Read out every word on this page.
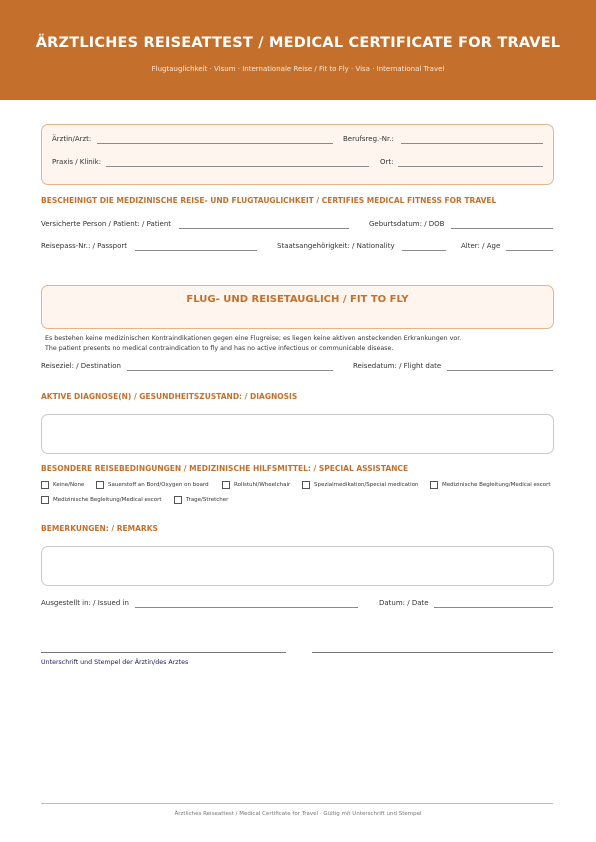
ÄRZTLICHES REISEATTEST / MEDICAL CERTIFICATE FOR TRAVEL
Flugtauglichkeit · Visum · Internationale Reise / Fit to Fly · Visa · International Travel
Ärztin/Arzt:	Berufsreg.-Nr.:
Praxis / Klinik:	Ort:
BESCHEINIGT DIE MEDIZINISCHE REISE- UND FLUGTAUGLICHKEIT / CERTIFIES MEDICAL FITNESS FOR TRAVEL
Versicherte Person / Patient: / Patient	Geburtsdatum: / DOB
Reisepass-Nr.: / Passport	Staatsangehörigkeit: / Nationality	Alter: / Age
FLUG- UND REISETAUGLICH / FIT TO FLY
Es bestehen keine medizinischen Kontraindikationen gegen eine Flugreise; es liegen keine aktiven ansteckenden Erkrankungen vor.
The patient presents no medical contraindication to fly and has no active infectious or communicable disease.
Reiseziel: / Destination	Reisedatum: / Flight date
AKTIVE DIAGNOSE(N) / GESUNDHEITSZUSTAND: / DIAGNOSIS
BESONDERE REISEBEDINGUNGEN / MEDIZINISCHE HILFSMITTEL: / SPECIAL ASSISTANCE
Keine/None	Sauerstoff an Bord/Oxygen on board	Rollstuhl/Wheelchair	Spezialmedikation/Special medication	Medizinische Begleitung/Medical escort
Medizinische Begleitung/Medical escort	Trage/Stretcher
BEMERKUNGEN: / REMARKS
Ausgestellt in: / Issued in	Datum: / Date
Unterschrift und Stempel der Ärztin/des Arztes
Ärztliches Reiseattest / Medical Certificate for Travel · Gültig mit Unterschrift und Stempel
